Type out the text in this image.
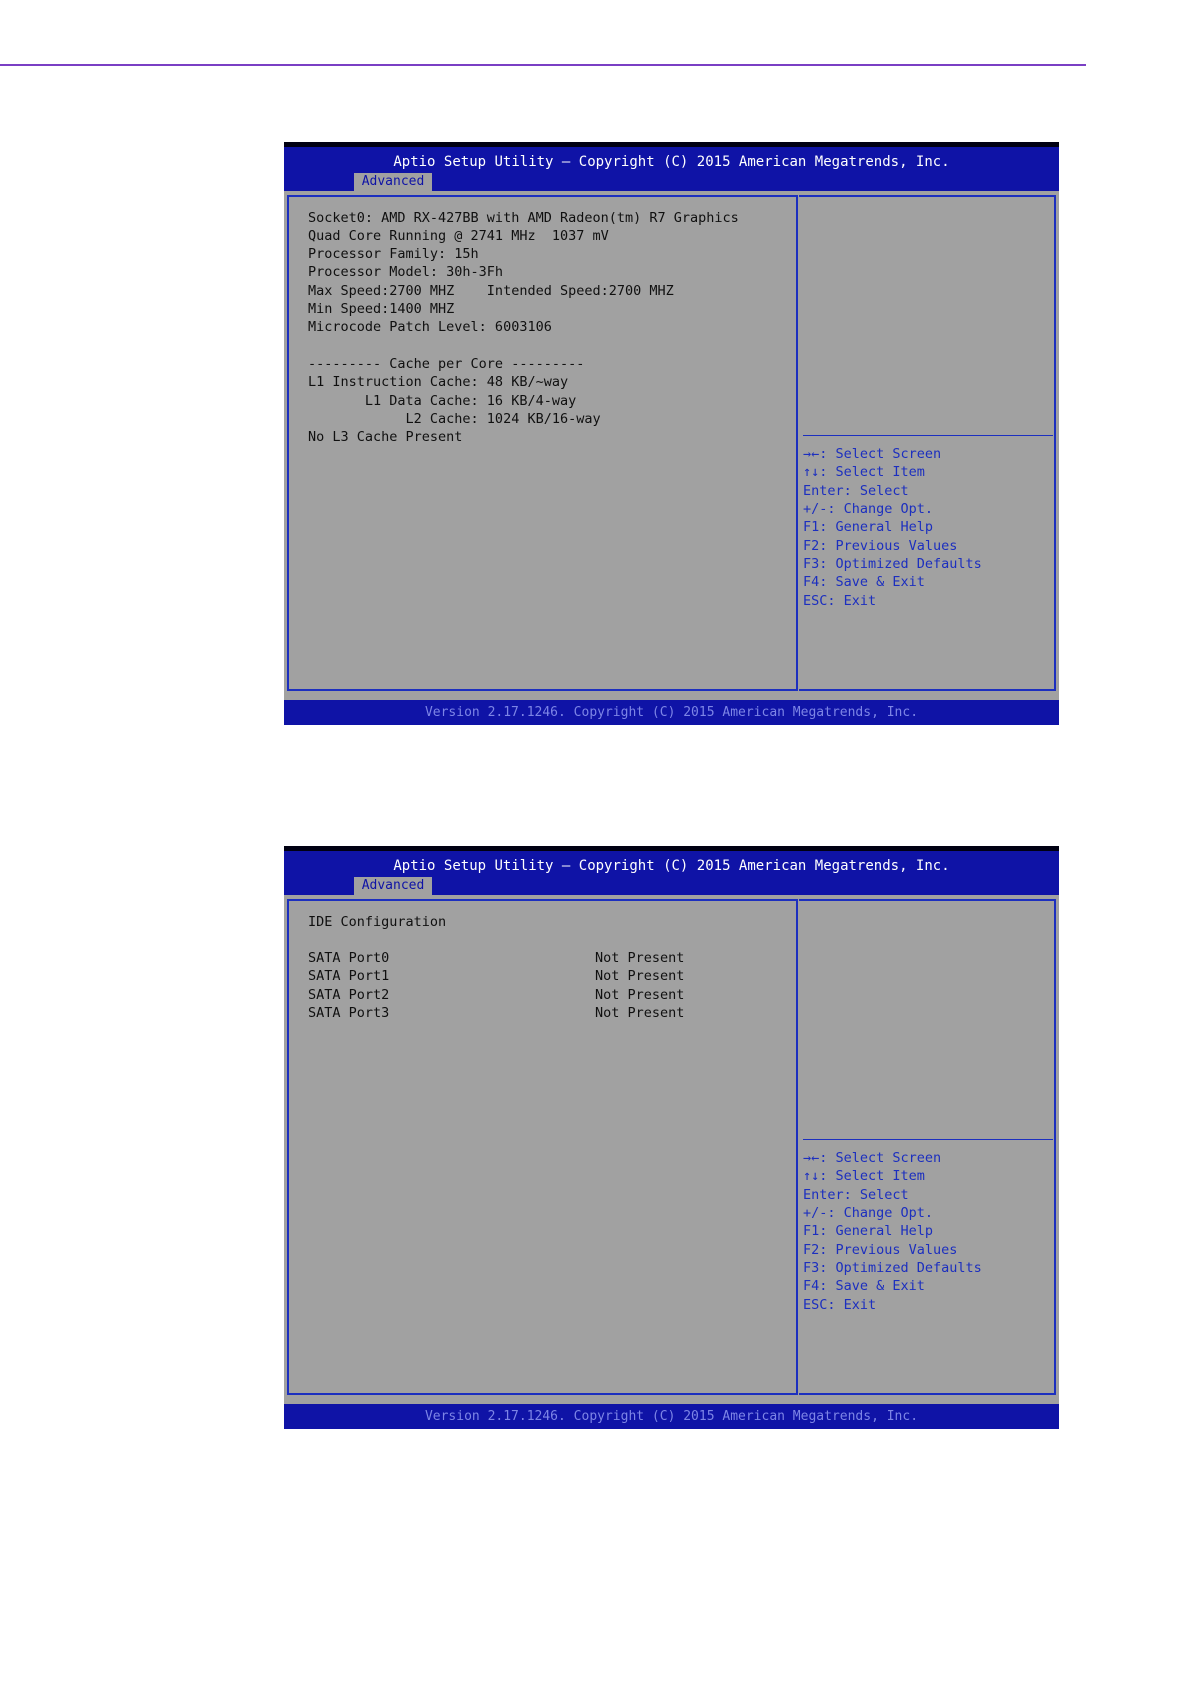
Aptio Setup Utility – Copyright (C) 2015 American Megatrends, Inc.
Advanced
Socket0: AMD RX-427BB with AMD Radeon(tm) R7 Graphics
Quad Core Running @ 2741 MHz  1037 mV
Processor Family: 15h
Processor Model: 30h-3Fh
Max Speed:2700 MHZ    Intended Speed:2700 MHZ
Min Speed:1400 MHZ
Microcode Patch Level: 6003106
--------- Cache per Core ---------
L1 Instruction Cache: 48 KB/~way
L1 Data Cache: 16 KB/4-way
L2 Cache: 1024 KB/16-way
No L3 Cache Present
→←: Select Screen
↑↓: Select Item
Enter: Select
+/-: Change Opt.
F1: General Help
F2: Previous Values
F3: Optimized Defaults
F4: Save & Exit
ESC: Exit
Version 2.17.1246. Copyright (C) 2015 American Megatrends, Inc.
Aptio Setup Utility – Copyright (C) 2015 American Megatrends, Inc.
Advanced
IDE Configuration
SATA Port0	Not Present
SATA Port1	Not Present
SATA Port2	Not Present
SATA Port3	Not Present
→←: Select Screen
↑↓: Select Item
Enter: Select
+/-: Change Opt.
F1: General Help
F2: Previous Values
F3: Optimized Defaults
F4: Save & Exit
ESC: Exit
Version 2.17.1246. Copyright (C) 2015 American Megatrends, Inc.
